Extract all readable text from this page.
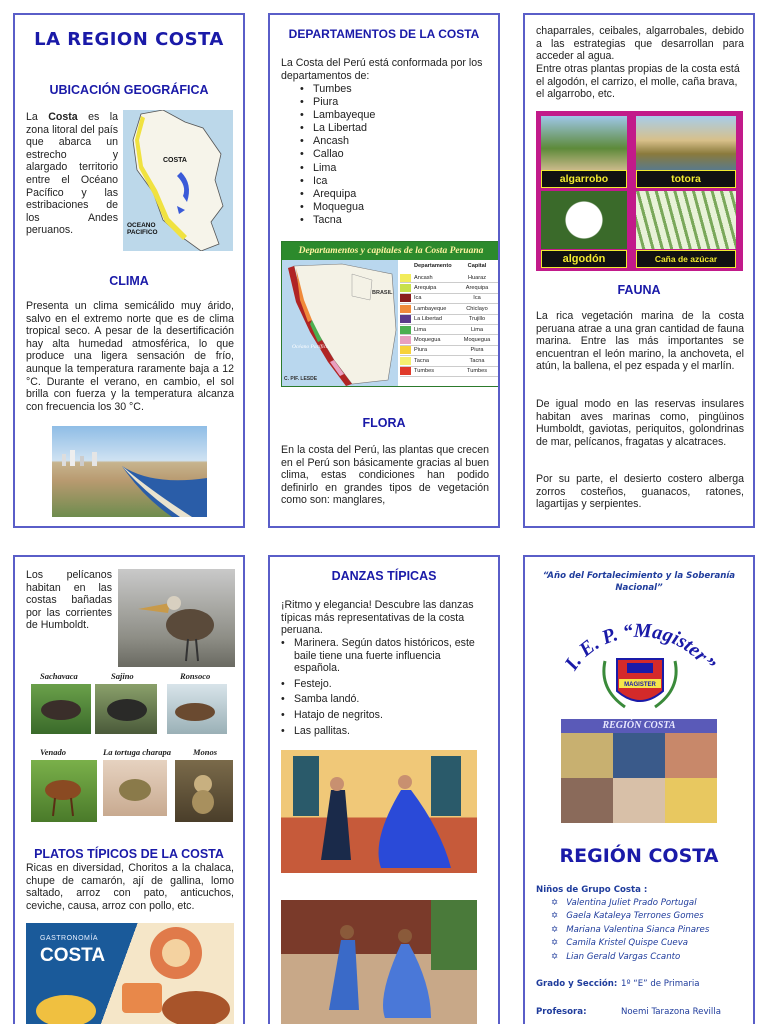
LA REGION COSTA
UBICACIÓN GEOGRÁFICA
La Costa es la zona litoral del país que abarca un estrecho y alargado territorio entre el Océano Pacífico y las estribaciones de los Andes peruanos.
COSTA
OCEANO PACIFICO
CLIMA
Presenta un clima semicálido muy árido, salvo en el extremo norte que es de clima tropical seco. A pesar de la desertificación hay alta humedad atmosférica, lo que produce una ligera sensación de frío, aunque la temperatura raramente baja a 12 °C. Durante el verano, en cambio, el sol brilla con fuerza y la temperatura alcanza con frecuencia los 30 °C.
DEPARTAMENTOS DE LA COSTA
La Costa del Perú está conformada por los departamentos de:
• Tumbes
• Piura
• Lambayeque
• La Libertad
• Ancash
• Callao
• Lima
• Ica
• Arequipa
• Moquegua
• Tacna
Departamentos y capitales de la Costa Peruana
BRASIL
Océano Pacífico
C. PIF. LESDE
Departamento	Capital
Ancash	Huaraz
Arequipa	Arequipa
Ica	Ica
Lambayeque	Chiclayo
La Libertad	Trujillo
Lima	Lima
Moquegua	Moquegua
Piura	Piura
Tacna	Tacna
Tumbes	Tumbes
FLORA
En la costa del Perú, las plantas que crecen en el Perú son básicamente gracias al buen clima, estas condiciones han podido definirlo en grandes tipos de vegetación como son: manglares,
chaparrales, ceibales, algarrobales, debido a las estrategias que desarrollan para acceder al agua.
Entre otras plantas propias de la costa está el algodón, el carrizo, el molle, caña brava, el algarrobo, etc.
algarrobo	totora
algodón	Caña de azúcar
FAUNA
La rica vegetación marina de la costa peruana atrae a una gran cantidad de fauna marina. Entre las más importantes se encuentran el león marino, la anchoveta, el atún, la ballena, el pez espada y el marlín.
De igual modo en las reservas insulares habitan aves marinas como, pingüinos Humboldt, gaviotas, periquitos, golondrinas de mar, pelícanos, fragatas y alcatraces.
Por su parte, el desierto costero alberga zorros costeños, guanacos, ratones, lagartijas y serpientes.
Los pelícanos habitan en las costas bañadas por las corrientes de Humboldt.
Sachavaca	Sajino	Ronsoco
Venado	La tortuga charapa	Monos
PLATOS TÍPICOS DE LA COSTA
Ricas en diversidad, Choritos a la chalaca, chupe de camarón, ají de gallina, lomo saltado, arroz con pato, anticuchos, ceviche, causa, arroz con pollo, etc.
GASTRONOMÍA
COSTA
DANZAS TÍPICAS
¡Ritmo y elegancia! Descubre las danzas típicas más representativas de la costa peruana.
• Marinera. Según datos históricos, este baile tiene una fuerte influencia española.
• Festejo.
• Samba landó.
• Hatajo de negritos.
• Las pallitas.
“Año del Fortalecimiento y la Soberanía Nacional”
I. E. P. “Magister”
MAGISTER
REGIÓN COSTA
REGIÓN COSTA
Niños de Grupo Costa :
✡ Valentina Juliet Prado Portugal
✡ Gaela Kataleya Terrones Gomes
✡ Mariana Valentina Sianca Pinares
✡ Camila Kristel Quispe Cueva
✡ Lian Gerald Vargas Ccanto
Grado y Sección: 1º “E” de Primaria
Profesora:	Noemi Tarazona Revilla
